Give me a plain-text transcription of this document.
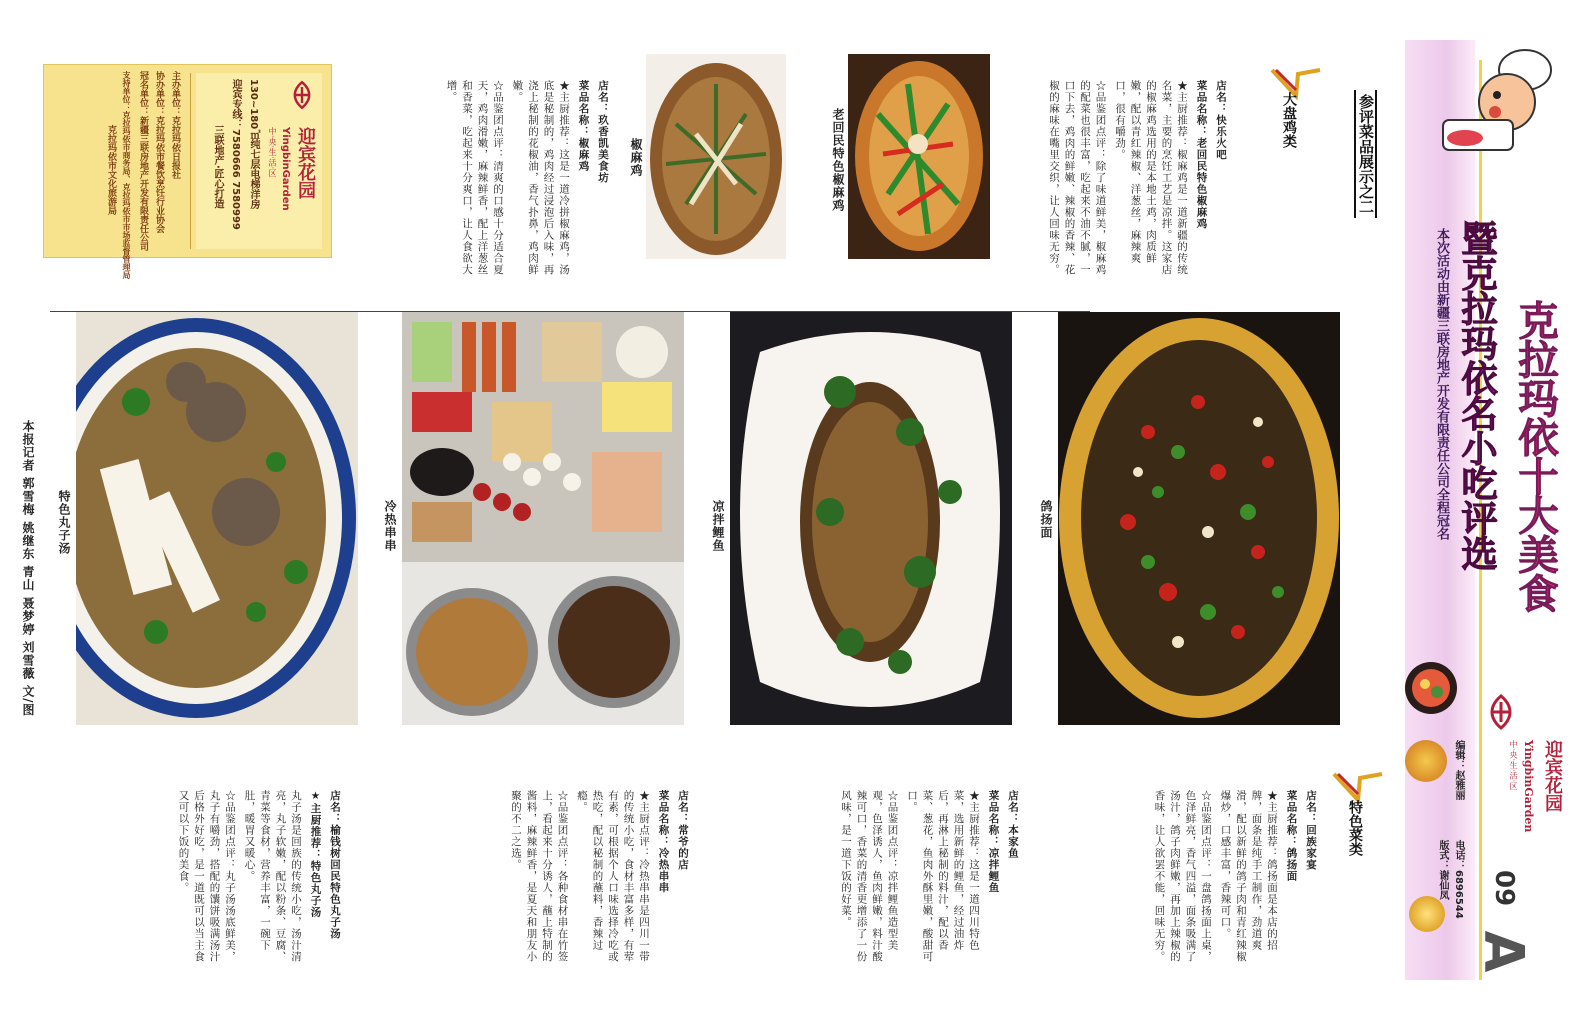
克拉玛依十大美食
暨克拉玛依名小吃评选
本次活动由新疆三联房地产开发有限责任公司全程冠名
迎宾花园
YingbinGarden
中·央·生·活·区
编辑：赵雅丽
电话：6896544
版式：谢仙凤 09
A
参评菜品展示之二
大盘鸡类
特色菜类

店名：快乐火吧

菜品名称：老回民特色椒麻鸡

★主厨推荐：椒麻鸡是一道新疆的传统名菜，主要的烹饪工艺是凉拌。这家店的椒麻鸡选用的是本地土鸡，肉质鲜嫩，配以青红辣椒、洋葱丝，麻辣爽口，很有嚼劲。

☆品鉴团点评：除了味道鲜美，椒麻鸡的配菜也很丰富，吃起来不油不腻，一口下去，鸡肉的鲜嫩、辣椒的香辣、花椒的麻味在嘴里交织，让人回味无穷。

老回民特色椒麻鸡
椒麻鸡

店名：玖香凯美食坊

菜品名称：椒麻鸡

★主厨推荐：这是一道冷拼椒麻鸡，汤底是秘制的，鸡肉经过浸泡后入味，再浇上秘制的花椒油，香气扑鼻，鸡肉鲜嫩。

☆品鉴团点评：清爽的口感十分适合夏天，鸡肉滑嫩，麻辣鲜香，配上洋葱丝和香菜，吃起来十分爽口，让人食欲大增。

迎宾花园
YingbinGarden
中·央·生·活·区
130~180㎡纯七层电梯洋房
迎宾专线：7580666 7580999
三联地产·匠心打造
主办单位：克拉玛依日报社
协办单位：克拉玛依市餐饮烹饪行业协会
冠名单位：新疆三联房地产开发有限责任公司
支持单位：克拉玛依市商务局、克拉玛依市市场监督管理局
克拉玛依市文化旅游局
鸽扬面
凉拌鲤鱼
冷热串串
特色丸子汤
本报记者 郭雪梅 姚继东 青山 聂梦婷 刘雪薇 文/图

店名：回族家宴

菜品名称：鸽扬面

★主厨推荐：鸽扬面是本店的招牌，面条是纯手工制作，劲道爽滑，配以新鲜的鸽子肉和青红辣椒爆炒，口感丰富，香辣可口。

☆品鉴团点评：一盘鸽扬面上桌，色泽鲜亮，香气四溢，面条吸满了汤汁，鸽子肉鲜嫩，再加上辣椒的香味，让人欲罢不能，回味无穷。

店名：本家鱼

菜品名称：凉拌鲤鱼

★主厨推荐：这是一道四川特色菜，选用新鲜的鲤鱼，经过油炸后，再淋上秘制的料汁，配以香菜、葱花，鱼肉外酥里嫩，酸甜可口。

☆品鉴团点评：凉拌鲤鱼造型美观，色泽诱人，鱼肉鲜嫩，料汁酸辣可口，香菜的清香更增添了一份风味，是一道下饭的好菜。

店名：常爷的店

菜品名称：冷热串串

★主厨点评：冷热串串是四川一带的传统小吃，食材丰富多样，有荤有素，可根据个人口味选择冷吃或热吃，配以秘制的蘸料，香辣过瘾。

☆品鉴团点评：各种食材串在竹签上，看起来十分诱人，蘸上特制的酱料，麻辣鲜香，是夏天和朋友小聚的不二之选。

店名：榆钱树回民特色丸子汤

★主厨推荐：特色丸子汤

丸子汤是回族的传统小吃，汤汁清亮，丸子软嫩，配以粉条、豆腐、青菜等食材，营养丰富，一碗下肚，暖胃又暖心。

☆品鉴团点评：丸子汤汤底鲜美，丸子有嚼劲，搭配的馕饼吸满汤汁后格外好吃，是一道既可以当主食又可以下饭的美食。
